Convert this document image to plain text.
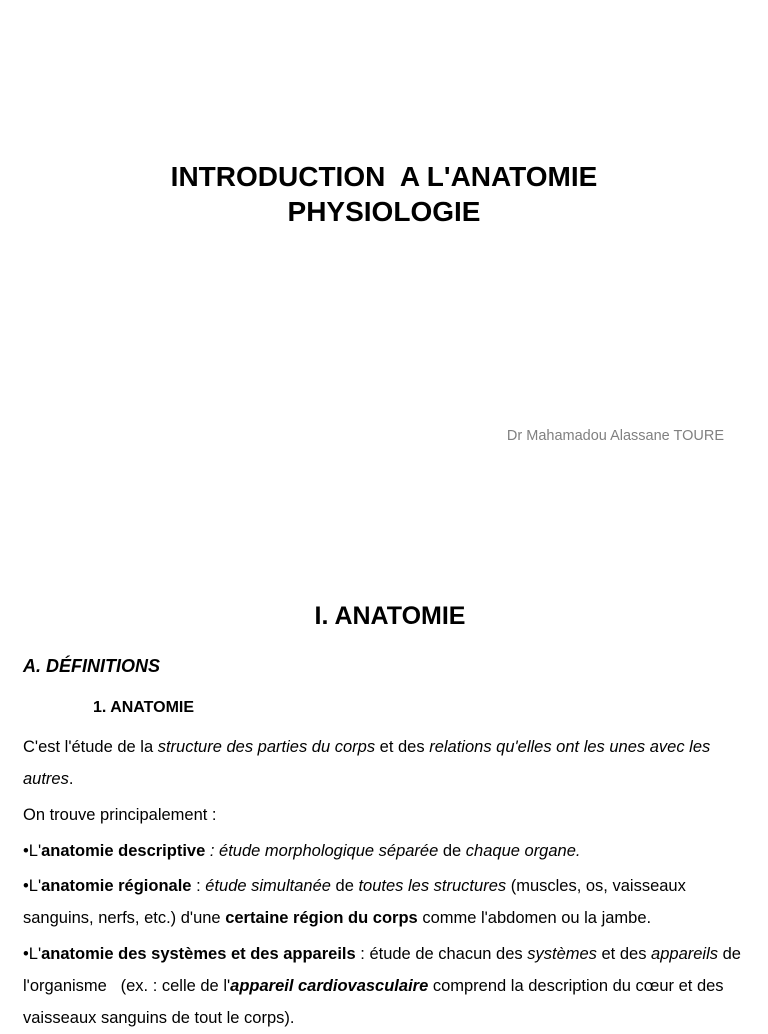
INTRODUCTION  A L'ANATOMIE
PHYSIOLOGIE
Dr Mahamadou Alassane TOURE
I. ANATOMIE
A. DÉFINITIONS
1. ANATOMIE
C'est l'étude de la structure des parties du corps et des relations qu'elles ont les unes avec les autres.
On trouve principalement :
•L'anatomie descriptive : étude morphologique séparée de chaque organe.
•L'anatomie régionale : étude simultanée de toutes les structures (muscles, os, vaisseaux sanguins, nerfs, etc.) d'une certaine région du corps comme l'abdomen ou la jambe.
•L'anatomie des systèmes et des appareils : étude de chacun des systèmes et des appareils de l'organisme   (ex. : celle de l'appareil cardiovasculaire comprend la description du cœur et des vaisseaux sanguins de tout le corps).
